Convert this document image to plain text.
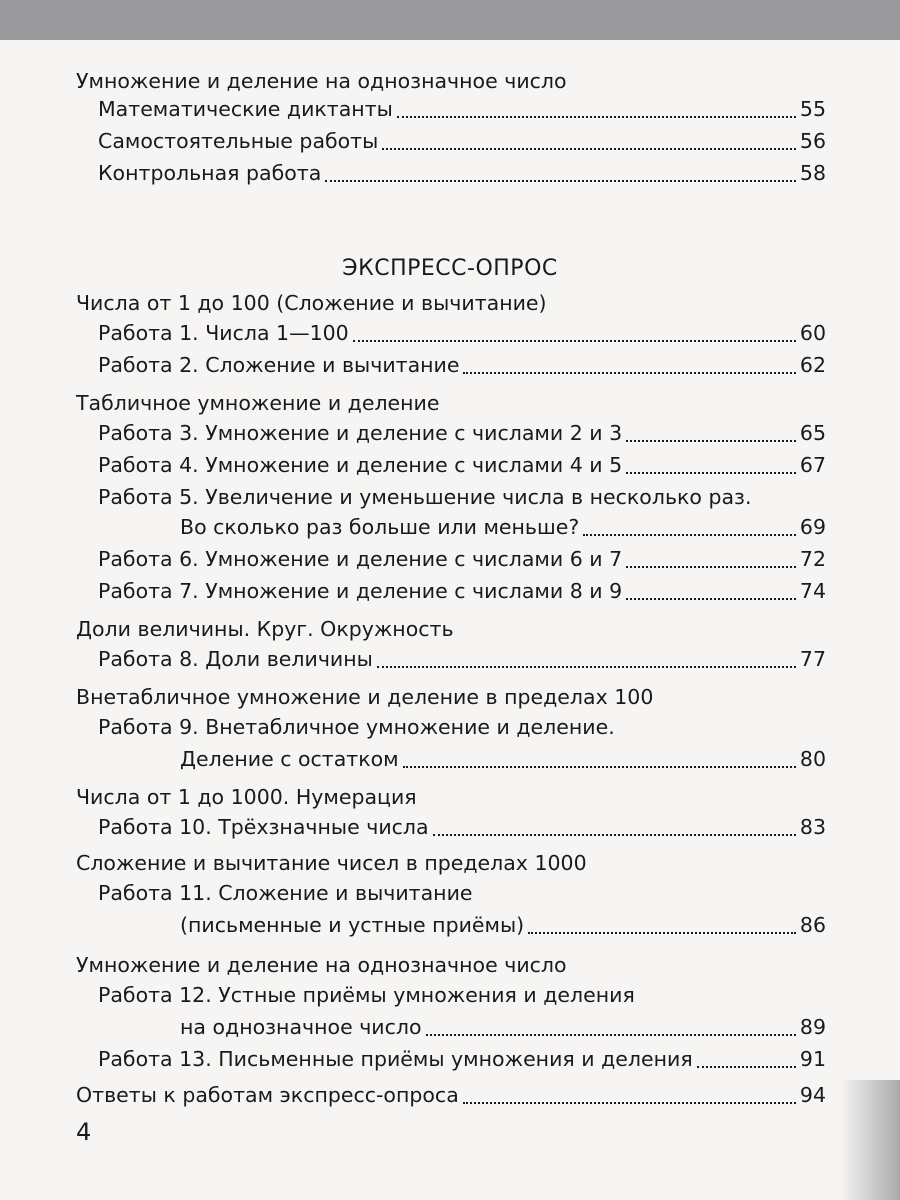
Умножение и деление на однозначное число
Математические диктанты	55
Самостоятельные работы	56
Контрольная работа	58
ЭКСПРЕСС-ОПРОС
Числа от 1 до 100 (Сложение и вычитание)
Работа 1. Числа 1—100	60
Работа 2. Сложение и вычитание	62
Табличное умножение и деление
Работа 3. Умножение и деление с числами 2 и 3	65
Работа 4. Умножение и деление с числами 4 и 5	67
Работа 5. Увеличение и уменьшение числа в несколько раз.
Во сколько раз больше или меньше?	69
Работа 6. Умножение и деление с числами 6 и 7	72
Работа 7. Умножение и деление с числами 8 и 9	74
Доли величины. Круг. Окружность
Работа 8. Доли величины	77
Внетабличное умножение и деление в пределах 100
Работа 9. Внетабличное умножение и деление.
Деление с остатком	80
Числа от 1 до 1000. Нумерация
Работа 10. Трёхзначные числа	83
Сложение и вычитание чисел в пределах 1000
Работа 11. Сложение и вычитание
(письменные и устные приёмы)	86
Умножение и деление на однозначное число
Работа 12. Устные приёмы умножения и деления
на однозначное число	89
Работа 13. Письменные приёмы умножения и деления	91
Ответы к работам экспресс-опроса	94
4
